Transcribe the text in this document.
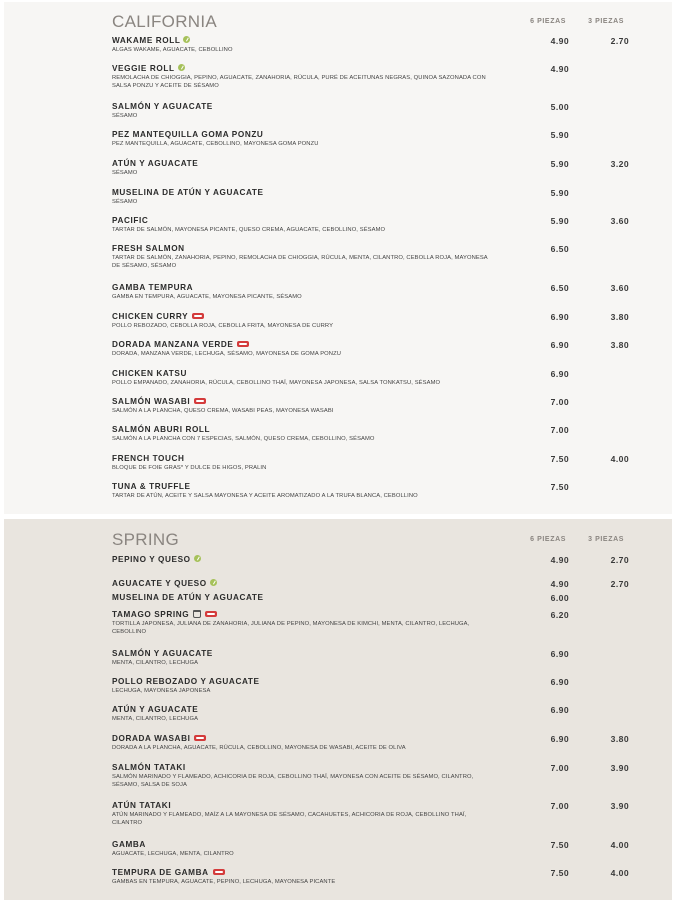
CALIFORNIA	6 PIEZAS	3 PIEZAS
WAKAME ROLL
ALGAS WAKAME, AGUACATE, CEBOLLINO
4.90	2.70
VEGGIE ROLL
REMOLACHA DE CHIOGGIA, PEPINO, AGUACATE, ZANAHORIA, RÚCULA, PURÉ DE ACEITUNAS NEGRAS, QUINOA SAZONADA CON SALSA PONZU Y ACEITE DE SÉSAMO
4.90
SALMÓN Y AGUACATE
SÉSAMO
5.00
PEZ MANTEQUILLA GOMA PONZU
PEZ MANTEQUILLA, AGUACATE, CEBOLLINO, MAYONESA GOMA PONZU
5.90
ATÚN Y AGUACATE
SÉSAMO
5.90	3.20
MUSELINA DE ATÚN Y AGUACATE
SÉSAMO
5.90
PACIFIC
TARTAR DE SALMÓN, MAYONESA PICANTE, QUESO CREMA, AGUACATE, CEBOLLINO, SÉSAMO
5.90	3.60
FRESH SALMON
TARTAR DE SALMÓN, ZANAHORIA, PEPINO, REMOLACHA DE CHIOGGIA, RÚCULA, MENTA, CILANTRO, CEBOLLA ROJA, MAYONESA DE SÉSAMO, SÉSAMO
6.50
GAMBA TEMPURA
GAMBA EN TEMPURA, AGUACATE, MAYONESA PICANTE, SÉSAMO
6.50	3.60
CHICKEN CURRY
POLLO REBOZADO, CEBOLLA ROJA, CEBOLLA FRITA, MAYONESA DE CURRY
6.90	3.80
DORADA MANZANA VERDE
DORADA, MANZANA VERDE, LECHUGA, SÉSAMO, MAYONESA DE GOMA PONZU
6.90	3.80
CHICKEN KATSU
POLLO EMPANADO, ZANAHORIA, RÚCULA, CEBOLLINO THAÏ, MAYONESA JAPONESA, SALSA TONKATSU, SÉSAMO
6.90
SALMÓN WASABI
SALMÓN A LA PLANCHA, QUESO CREMA, WASABI PEAS, MAYONESA WASABI
7.00
SALMÓN ABURI ROLL
SALMÓN A LA PLANCHA CON 7 ESPECIAS, SALMÓN, QUESO CREMA, CEBOLLINO, SÉSAMO
7.00
FRENCH TOUCH
BLOQUE DE FOIE GRAS* Y DULCE DE HIGOS, PRALIN
7.50	4.00
TUNA & TRUFFLE
TARTAR DE ATÚN, ACEITE Y SALSA MAYONESA Y ACEITE AROMATIZADO A LA TRUFA BLANCA, CEBOLLINO
7.50
SPRING	6 PIEZAS	3 PIEZAS
PEPINO Y QUESO	4.90	2.70
AGUACATE Y QUESO	4.90	2.70
MUSELINA DE ATÚN Y AGUACATE	6.00
TAMAGO SPRING
TORTILLA JAPONESA, JULIANA DE ZANAHORIA, JULIANA DE PEPINO, MAYONESA DE KIMCHI, MENTA, CILANTRO, LECHUGA, CEBOLLINO
6.20
SALMÓN Y AGUACATE
MENTA, CILANTRO, LECHUGA
6.90
POLLO REBOZADO Y AGUACATE
LECHUGA, MAYONESA JAPONESA
6.90
ATÚN Y AGUACATE
MENTA, CILANTRO, LECHUGA
6.90
DORADA WASABI
DORADA A LA PLANCHA, AGUACATE, RÚCULA, CEBOLLINO, MAYONESA DE WASABI, ACEITE DE OLIVA
6.90	3.80
SALMÓN TATAKI
SALMÓN MARINADO Y FLAMEADO, ACHICORIA DE ROJA, CEBOLLINO THAÏ, MAYONESA CON ACEITE DE SÉSAMO, CILANTRO, SÉSAMO, SALSA DE SOJA
7.00	3.90
ATÚN TATAKI
ATÚN MARINADO Y FLAMEADO, MAÍZ A LA MAYONESA DE SÉSAMO, CACAHUETES, ACHICORIA DE ROJA, CEBOLLINO THAÏ, CILANTRO
7.00	3.90
GAMBA
AGUACATE, LECHUGA, MENTA, CILANTRO
7.50	4.00
TEMPURA DE GAMBA
GAMBAS EN TEMPURA, AGUACATE, PEPINO, LECHUGA, MAYONESA PICANTE
7.50	4.00
